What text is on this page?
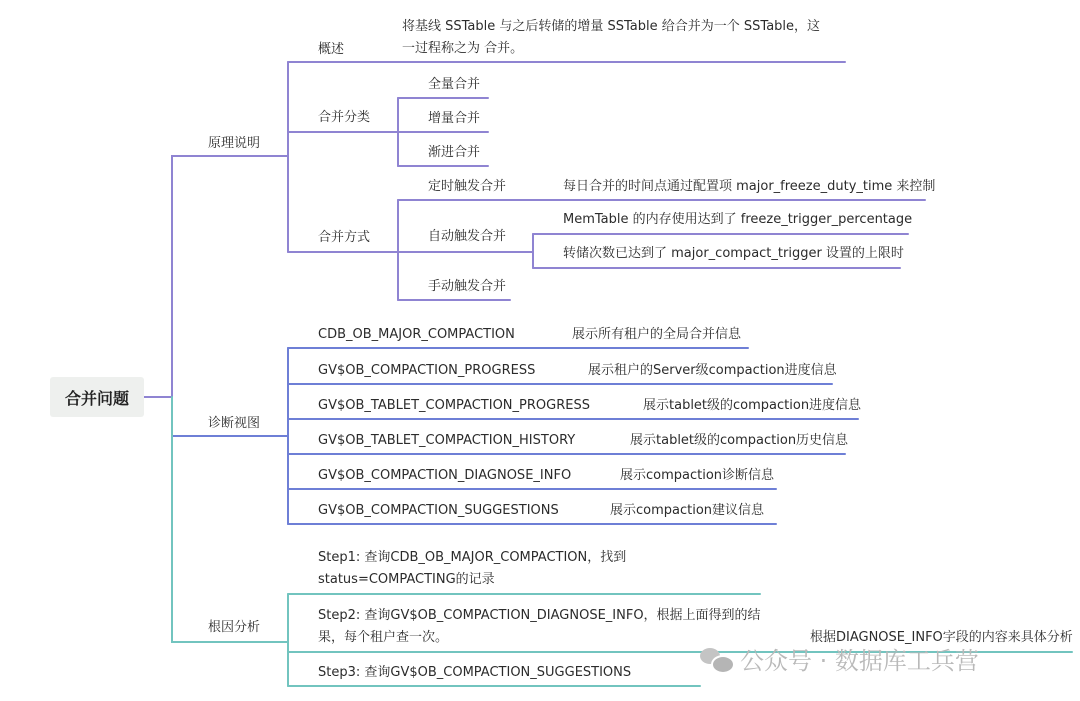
合并问题
原理说明
诊断视图
根因分析
概述
将基线 SSTable 与之后转储的增量 SSTable 给合并为一个 SSTable，这一过程称之为 合并。
合并分类
全量合并
增量合并
渐进合并
合并方式
定时触发合并	每日合并的时间点通过配置项 major_freeze_duty_time 来控制
自动触发合并
MemTable 的内存使用达到了 freeze_trigger_percentage
转储次数已达到了 major_compact_trigger 设置的上限时
手动触发合并
CDB_OB_MAJOR_COMPACTION	展示所有租户的全局合并信息
GV$OB_COMPACTION_PROGRESS	展示租户的Server级compaction进度信息
GV$OB_TABLET_COMPACTION_PROGRESS	展示tablet级的compaction进度信息
GV$OB_TABLET_COMPACTION_HISTORY	展示tablet级的compaction历史信息
GV$OB_COMPACTION_DIAGNOSE_INFO	展示compaction诊断信息
GV$OB_COMPACTION_SUGGESTIONS	展示compaction建议信息
Step1: 查询CDB_OB_MAJOR_COMPACTION，找到status=COMPACTING的记录
Step2: 查询GV$OB_COMPACTION_DIAGNOSE_INFO，根据上面得到的结果，每个租户查一次。	根据DIAGNOSE_INFO字段的内容来具体分析
Step3: 查询GV$OB_COMPACTION_SUGGESTIONS	公众号 · 数据库工兵营
